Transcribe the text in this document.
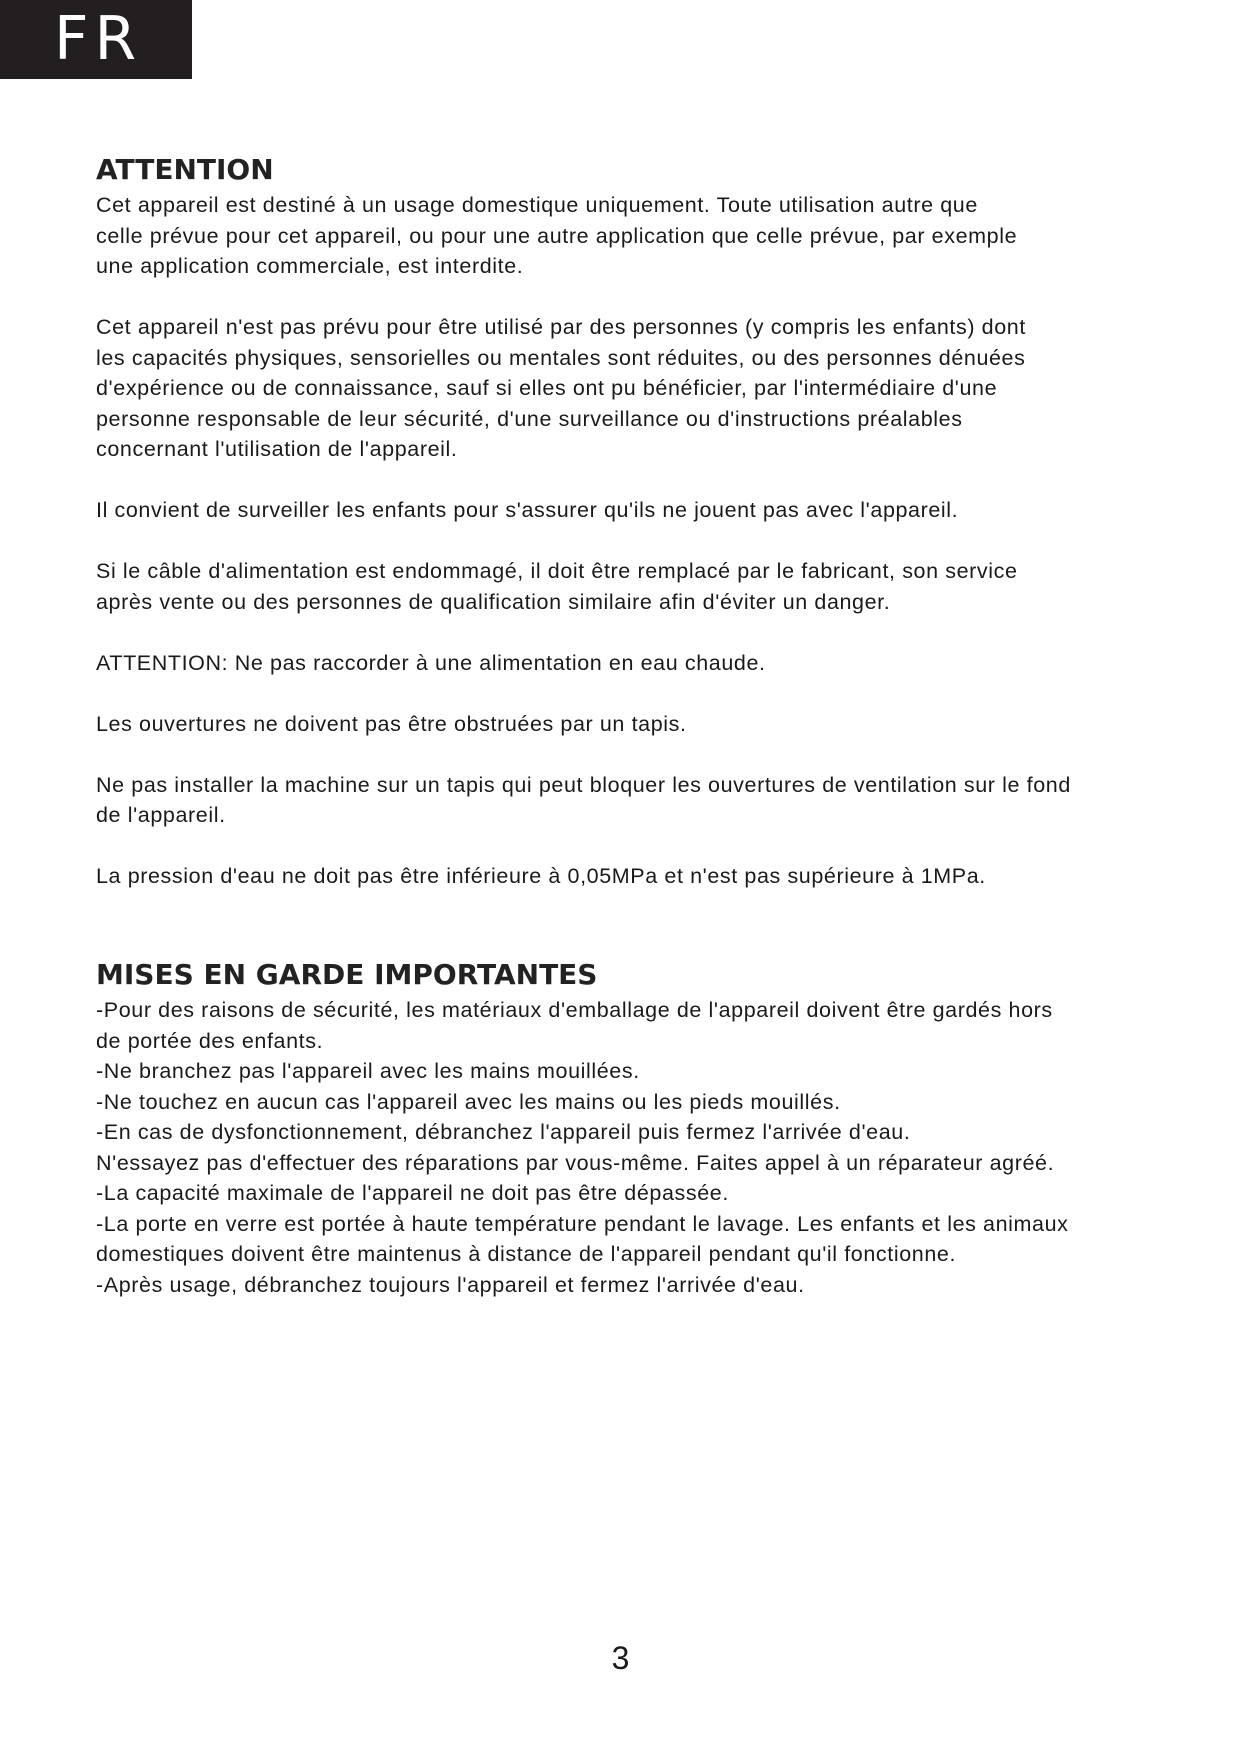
FR
ATTENTION

Cet appareil est destiné à un usage domestique uniquement. Toute utilisation autre que
celle prévue pour cet appareil, ou pour une autre application que celle prévue, par exemple
une application commerciale, est interdite.

Cet appareil n'est pas prévu pour être utilisé par des personnes (y compris les enfants) dont
les capacités physiques, sensorielles ou mentales sont réduites, ou des personnes dénuées
d'expérience ou de connaissance, sauf si elles ont pu bénéficier, par l'intermédiaire d'une
personne responsable de leur sécurité, d'une surveillance ou d'instructions préalables
concernant l'utilisation de l'appareil.

Il convient de surveiller les enfants pour s'assurer qu'ils ne jouent pas avec l'appareil.

Si le câble d'alimentation est endommagé, il doit être remplacé par le fabricant, son service
après vente ou des personnes de qualification similaire afin d'éviter un danger.

ATTENTION: Ne pas raccorder à une alimentation en eau chaude.

Les ouvertures ne doivent pas être obstruées par un tapis.

Ne pas installer la machine sur un tapis qui peut bloquer les ouvertures de ventilation sur le fond
de l'appareil.

La pression d'eau ne doit pas être inférieure à 0,05MPa et n'est pas supérieure à 1MPa.

MISES EN GARDE IMPORTANTES

-Pour des raisons de sécurité, les matériaux d'emballage de l'appareil doivent être gardés hors
de portée des enfants.

-Ne branchez pas l'appareil avec les mains mouillées.

-Ne touchez en aucun cas l'appareil avec les mains ou les pieds mouillés.

-En cas de dysfonctionnement, débranchez l'appareil puis fermez l'arrivée d'eau.
N'essayez pas d'effectuer des réparations par vous-même. Faites appel à un réparateur agréé.

-La capacité maximale de l'appareil ne doit pas être dépassée.

-La porte en verre est portée à haute température pendant le lavage. Les enfants et les animaux
domestiques doivent être maintenus à distance de l'appareil pendant qu'il fonctionne.

-Après usage, débranchez toujours l'appareil et fermez l'arrivée d'eau.

3
